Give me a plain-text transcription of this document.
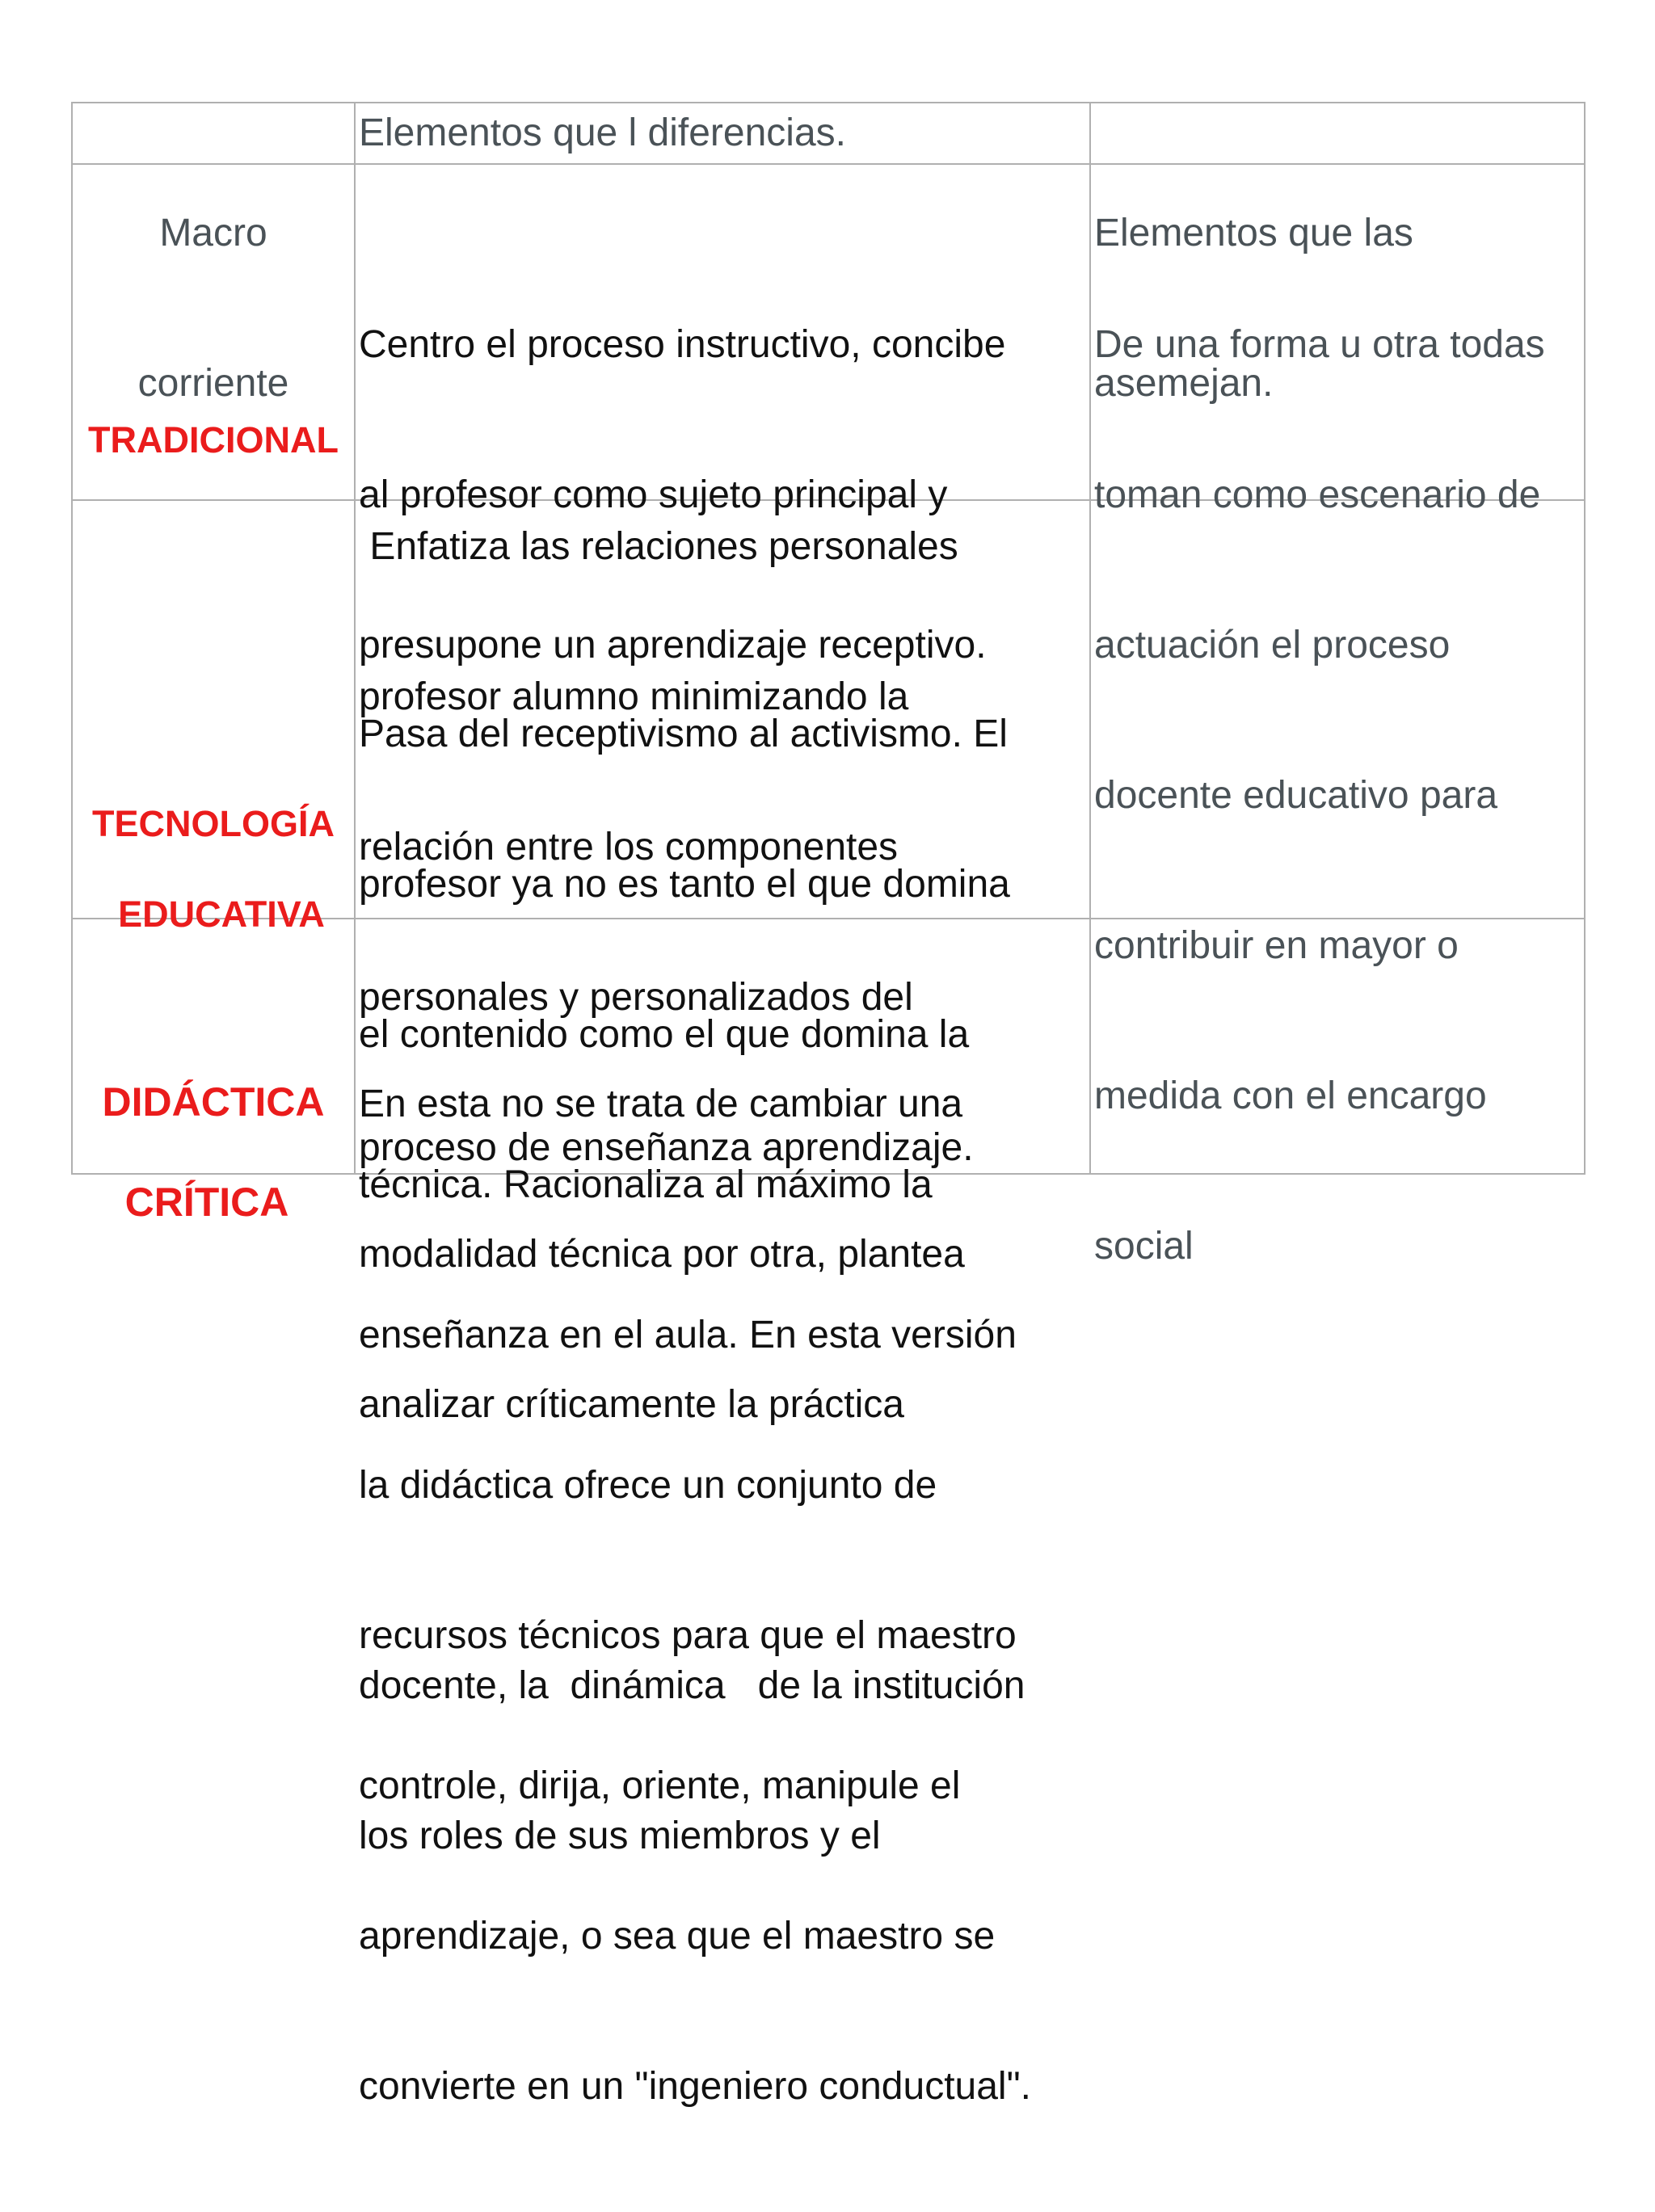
Macro

corriente

Elementos que l diferencias.

Elementos que las

asemejan.

TRADICIONAL
TECNOLOGÍA
EDUCATIVA
DIDÁCTICA
CRÍTICA

Centro el proceso instructivo, concibe

al profesor como sujeto principal y

presupone un aprendizaje receptivo.

Enfatiza las relaciones personales

profesor alumno minimizando la

relación entre los componentes

personales y personalizados del

proceso de enseñanza aprendizaje.

Pasa del receptivismo al activismo. El

profesor ya no es tanto el que domina

el contenido como el que domina la

técnica. Racionaliza al máximo la

enseñanza en el aula. En esta versión

la didáctica ofrece un conjunto de

recursos técnicos para que el maestro

controle, dirija, oriente, manipule el

aprendizaje, o sea que el maestro se

convierte en un "ingeniero conductual".

En esta no se trata de cambiar una

modalidad técnica por otra, plantea

analizar críticamente la práctica

docente, la  dinámica   de la institución

los roles de sus miembros y el

De una forma u otra todas

toman como escenario de

actuación el proceso

docente educativo para

contribuir en mayor o

medida con el encargo

social
